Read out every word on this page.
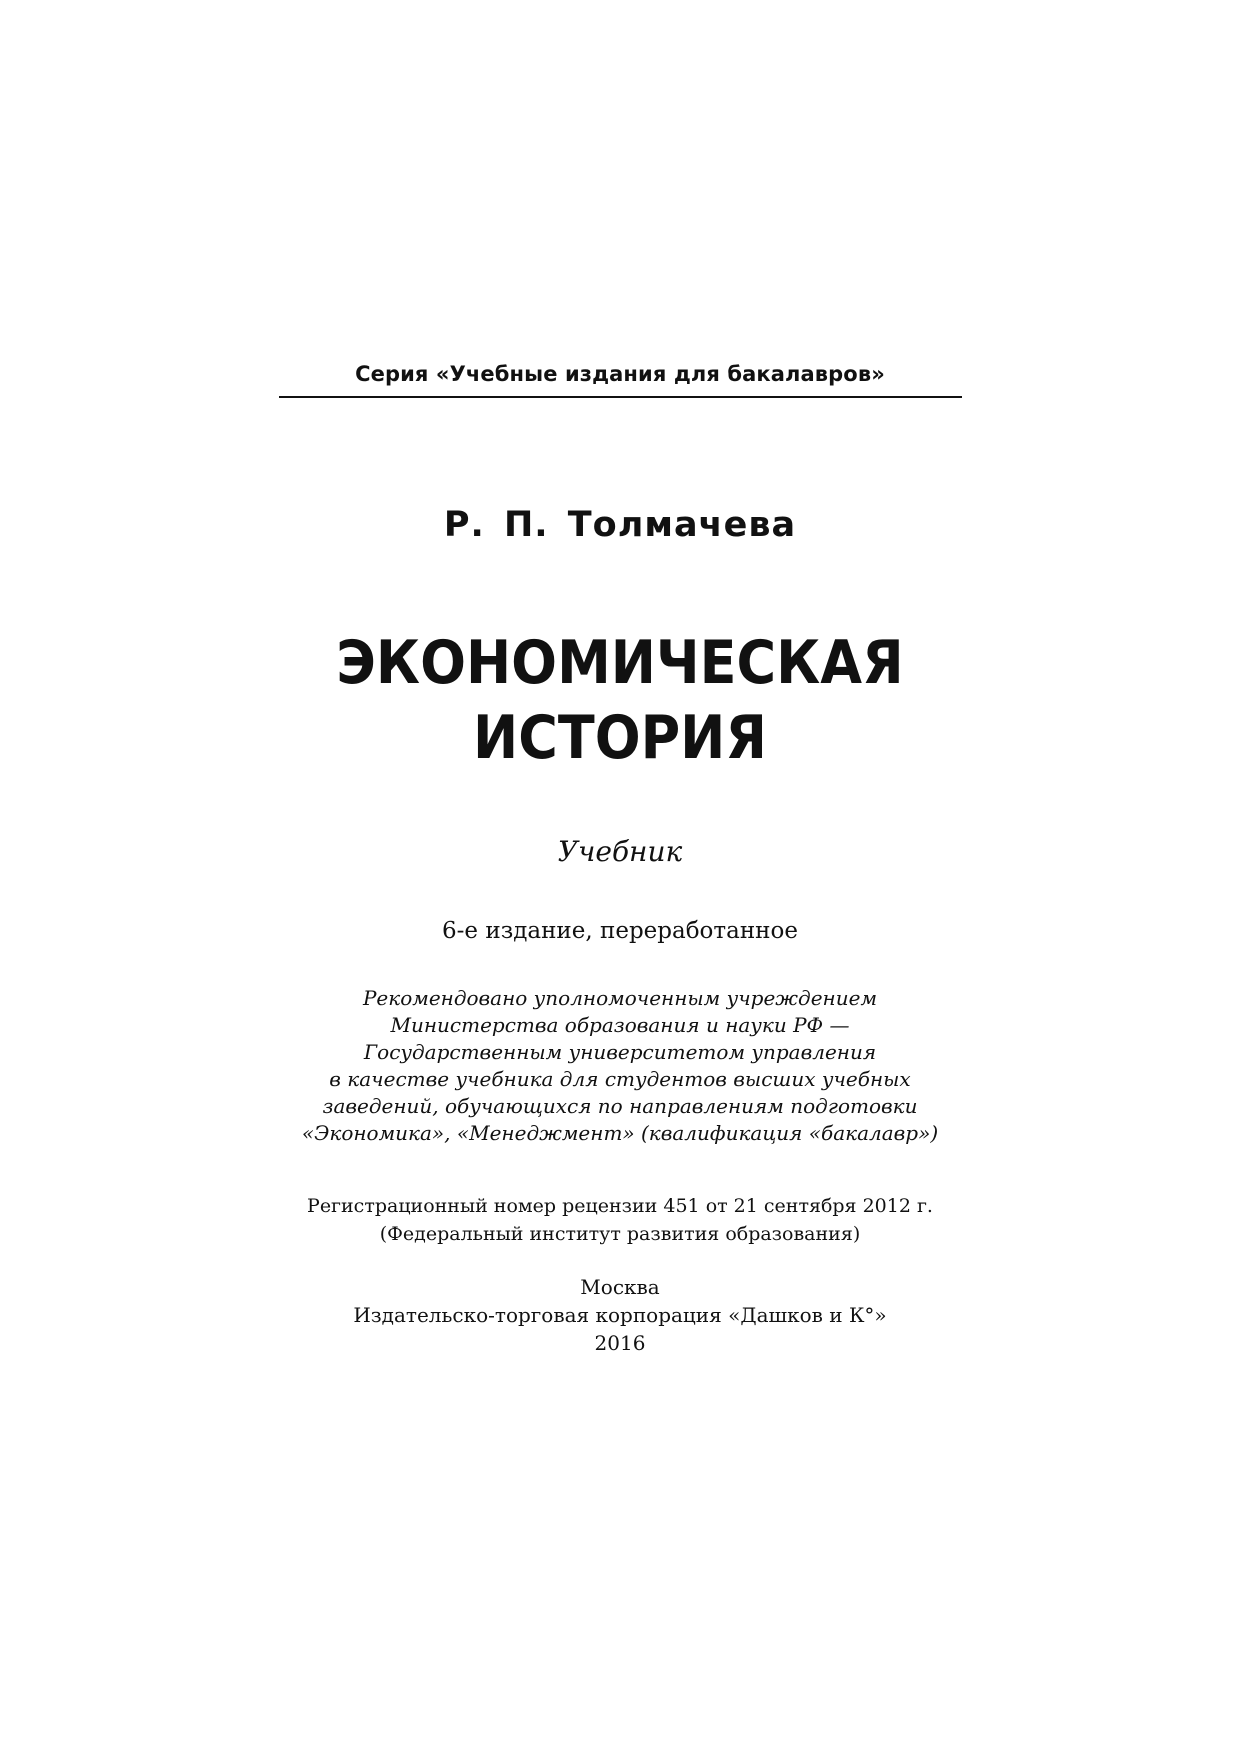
Серия «Учебные издания для бакалавров»
Р. П. Толмачева
ЭКОНОМИЧЕСКАЯ
ИСТОРИЯ
Учебник
6-е издание, переработанное
Рекомендовано уполномоченным учреждением
Министерства образования и науки РФ —
Государственным университетом управления
в качестве учебника для студентов высших учебных
заведений, обучающихся по направлениям подготовки
«Экономика», «Менеджмент» (квалификация «бакалавр»)
Регистрационный номер рецензии 451 от 21 сентября 2012 г.
(Федеральный институт развития образования)
Москва
Издательско-торговая корпорация «Дашков и К°»
2016
